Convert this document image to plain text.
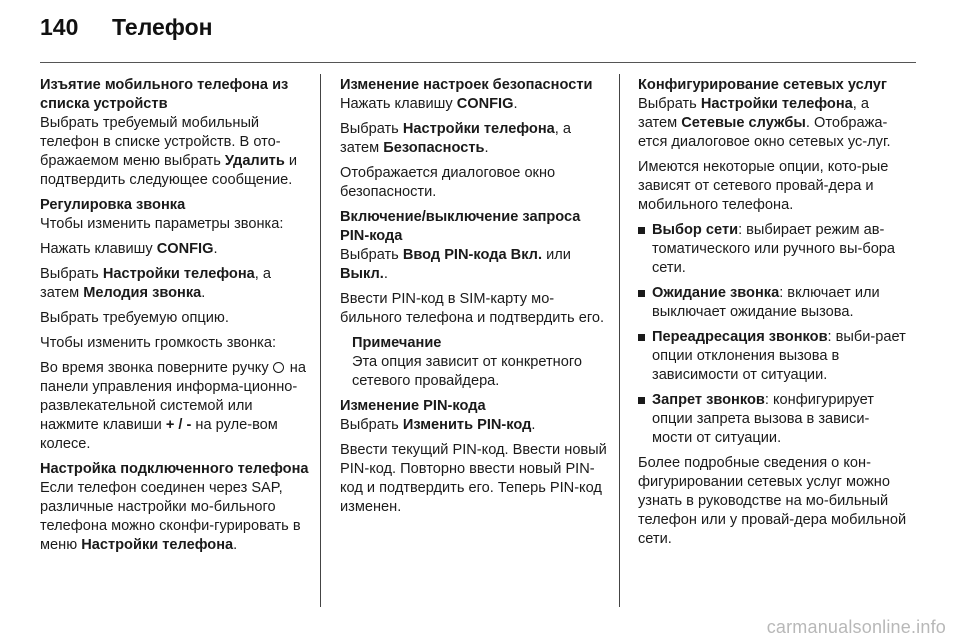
140 Телефон
Изъятие мобильного телефона из списка устройств

Выбрать требуемый мобильный телефон в списке устройств. В ото-бражаемом меню выбрать Удалить и подтвердить следующее сообщение.

Регулировка звонка

Чтобы изменить параметры звонка:

Нажать клавишу CONFIG.

Выбрать Настройки телефона, а затем Мелодия звонка.

Выбрать требуемую опцию.

Чтобы изменить громкость звонка:

Во время звонка поверните ручку  на панели управления информа-ционно-развлекательной системой или нажмите клавиши + / - на руле-вом колесе.

Настройка подключенного телефона

Если телефон соединен через SAP, различные настройки мо-бильного телефона можно сконфи-гурировать в меню Настройки телефона.

Изменение настроек безопасности

Нажать клавишу CONFIG.

Выбрать Настройки телефона, а затем Безопасность.

Отображается диалоговое окно безопасности.

Включение/выключение запроса PIN-кода

Выбрать Ввод PIN-кода Вкл. или Выкл..

Ввести PIN-код в SIM-карту мо-бильного телефона и подтвердить его.

Примечание
Эта опция зависит от конкретного сетевого провайдера.
Изменение PIN-кода

Выбрать Изменить PIN-код.

Ввести текущий PIN-код. Ввести новый PIN-код. Повторно ввести новый PIN-код и подтвердить его. Теперь PIN-код изменен.

Конфигурирование сетевых услуг

Выбрать Настройки телефона, а затем Сетевые службы. Отобража-ется диалоговое окно сетевых ус-луг.

Имеются некоторые опции, кото-рые зависят от сетевого провай-дера и мобильного телефона.

Выбор сети: выбирает режим ав-томатического или ручного вы-бора сети.
Ожидание звонка: включает или выключает ожидание вызова.
Переадресация звонков: выби-рает опции отклонения вызова в зависимости от ситуации.
Запрет звонков: конфигурирует опции запрета вызова в зависи-мости от ситуации.

Более подробные сведения о кон-фигурировании сетевых услуг можно узнать в руководстве на мо-бильный телефон или у провай-дера мобильной сети.

carmanualsonline.info
